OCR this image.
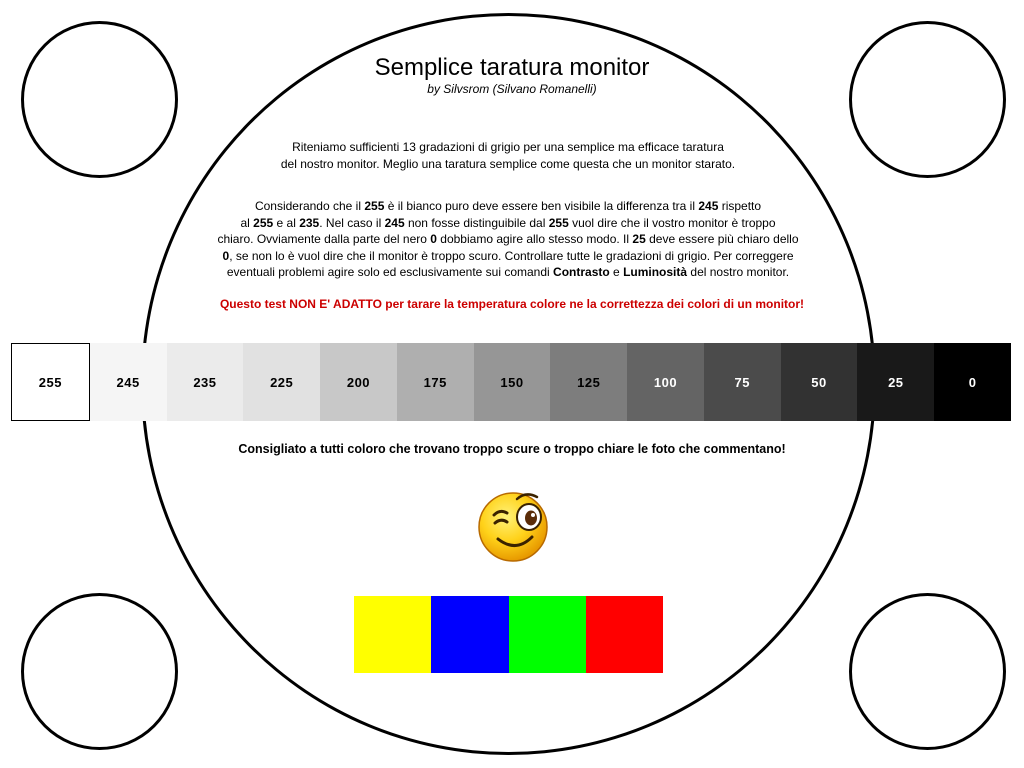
Semplice taratura monitor
by Silvsrom (Silvano Romanelli)
Riteniamo sufficienti 13 gradazioni di grigio per una semplice ma efficace taratura
del nostro monitor. Meglio una taratura semplice come questa che un monitor starato.
Considerando che il 255 è il bianco puro deve essere ben visibile la differenza tra il 245 rispetto
al 255 e al 235. Nel caso il 245 non fosse distinguibile dal 255 vuol dire che il vostro monitor è troppo
chiaro. Ovviamente dalla parte del nero 0 dobbiamo agire allo stesso modo. Il 25 deve essere più chiaro dello
0, se non lo è vuol dire che il monitor è troppo scuro. Controllare tutte le gradazioni di grigio. Per correggere
eventuali problemi agire solo ed esclusivamente sui comandi Contrasto e Luminosità del nostro monitor.
Questo test NON E' ADATTO per tarare la temperatura colore ne la correttezza dei colori di un monitor!
255	245	235	225	200	175	150	125	100	75	50	25	0
Consigliato a tutti coloro che trovano troppo scure o troppo chiare le foto che commentano!
